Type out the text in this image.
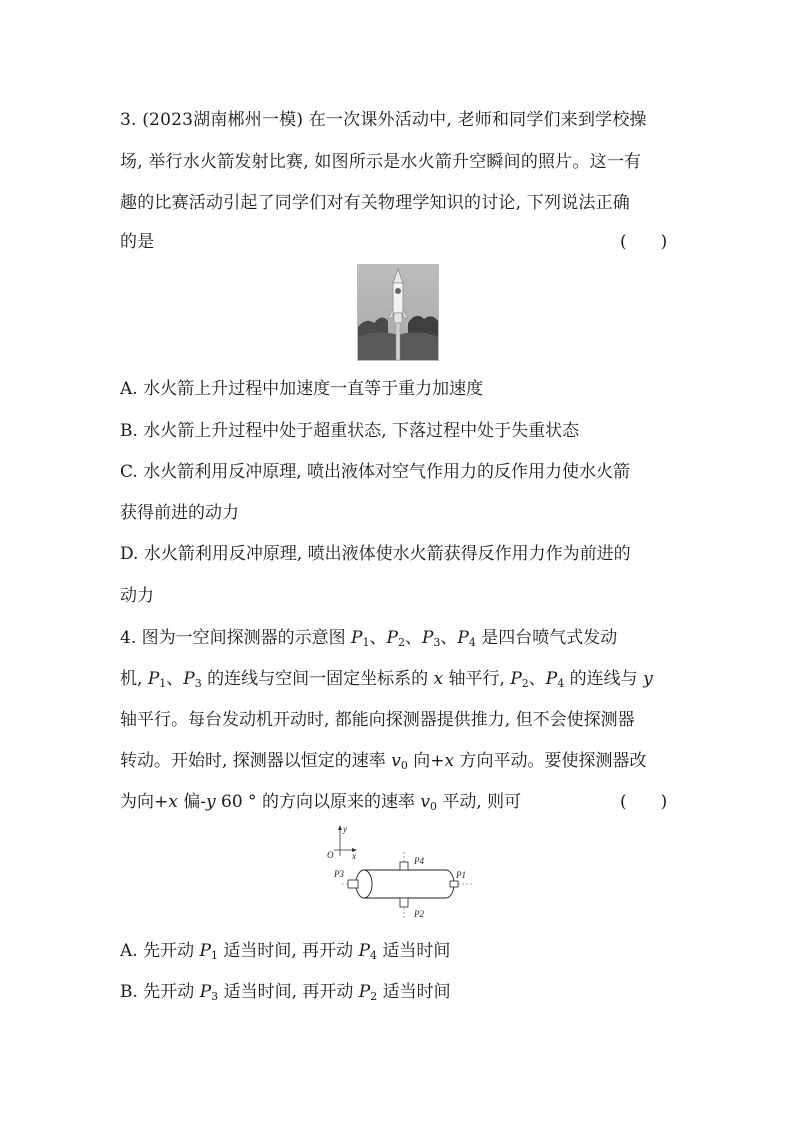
3. (2023湖南郴州一模) 在一次课外活动中, 老师和同学们来到学校操
场, 举行水火箭发射比赛, 如图所示是水火箭升空瞬间的照片。这一有
趣的比赛活动引起了同学们对有关物理学知识的讨论, 下列说法正确
的是	(　　)
A. 水火箭上升过程中加速度一直等于重力加速度
B. 水火箭上升过程中处于超重状态, 下落过程中处于失重状态
C. 水火箭利用反冲原理, 喷出液体对空气作用力的反作用力使水火箭
获得前进的动力
D. 水火箭利用反冲原理, 喷出液体使水火箭获得反作用力作为前进的
动力
4. 图为一空间探测器的示意图 $P_1$、$P_2$、$P_3$、$P_4$ 是四台喷气式发动
机, $P_1$、$P_3$ 的连线与空间一固定坐标系的 x 轴平行, $P_2$、$P_4$ 的连线与 y
轴平行。每台发动机开动时, 都能向探测器提供推力, 但不会使探测器
转动。开始时, 探测器以恒定的速率 $v_0$ 向+x 方向平动。要使探测器改
为向+x 偏-y 60 ° 的方向以原来的速率 $v_0$ 平动, 则可	(　　)
y
x
O
P3	P1
P4
P2
A. 先开动 $P_1$ 适当时间, 再开动 $P_4$ 适当时间
B. 先开动 $P_3$ 适当时间, 再开动 $P_2$ 适当时间
